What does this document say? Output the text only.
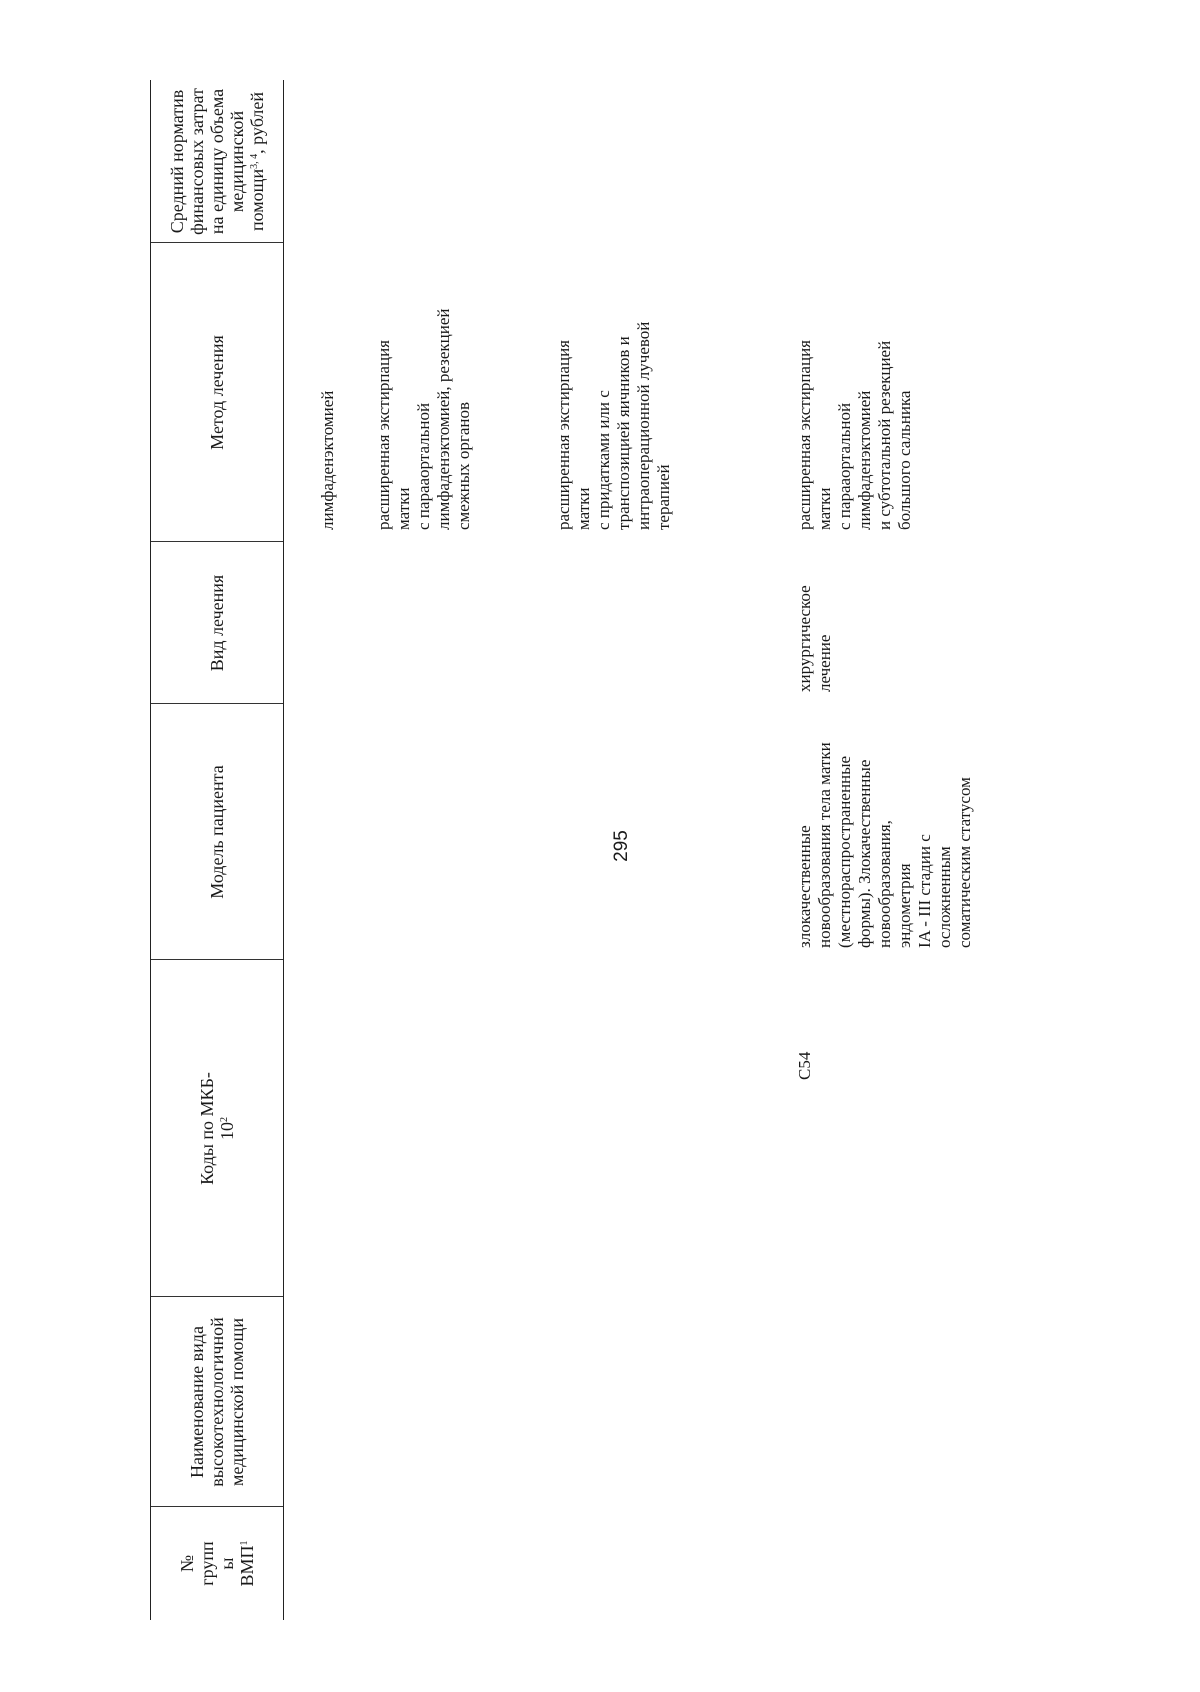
295
№ групп ы ВМП$^1$
Наименование вида высокотехнологичной медицинской помощи
Коды по МКБ- $10^2$
Модель пациента
Вид лечения
Метод лечения
Средний норматив финансовых затрат на единицу объема медицинской помощи$^{3, 4}$, рублей
лимфаденэктомией расширенная экстирпация матки с парааортальной лимфаденэктомией, резекцией смежных органов	расширенная экстирпация матки с придатками или с транспозицией яичников и интраоперационной лучевой терапией
C54
злокачественные новообразования тела матки (местнораспространенные формы). Злокачественные новообразования, эндометрия IA - III стадии с осложненным соматическим статусом
хирургическое лечение
расширенная экстирпация матки с парааортальной лимфаденэктомией и субтотальной резекцией большого сальника
